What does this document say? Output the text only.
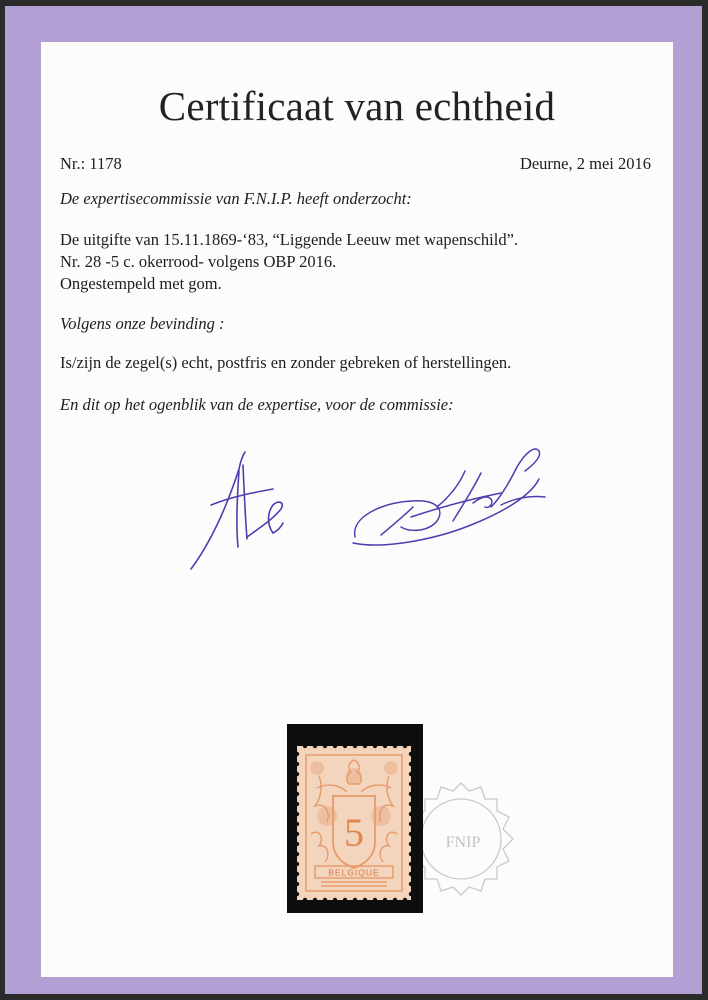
Certificaat van echtheid
Nr.: 1178	Deurne, 2 mei 2016
De expertisecommissie van F.N.I.P. heeft onderzocht:
De uitgifte van 15.11.1869-‘83, “Liggende Leeuw met wapenschild”.
Nr. 28 -5 c. okerrood- volgens OBP 2016.
Ongestempeld met gom.
Volgens onze bevinding :
Is/zijn de zegel(s) echt, postfris en zonder gebreken of herstellingen.
En dit op het ogenblik van de expertise, voor de commissie:
FNIP
5
BELGIQUE
